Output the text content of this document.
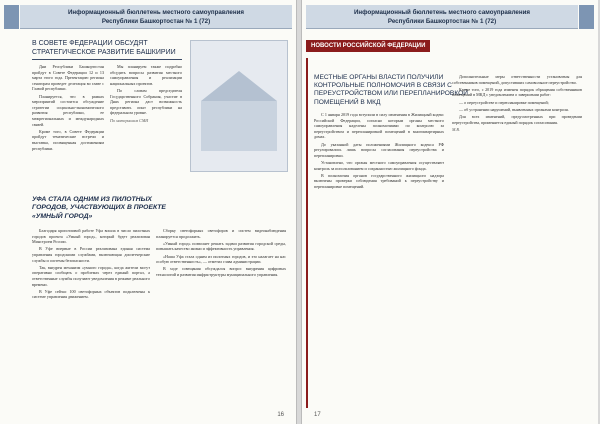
Информационный бюллетень местного самоуправления
Республики Башкортостан № 1 (72)
В СОВЕТЕ ФЕДЕРАЦИИ ОБСУДЯТ
СТРАТЕГИЧЕСКОЕ РАЗВИТИЕ БАШКИРИИ

Дни Республики Башкортостан пройдут в Совете Федерации 12 и 13 марта этого года. Презентацию региона сенаторам проведет делегация во главе с Главой республики.

Планируется, что в рамках мероприятий состоится обсуждение стратегии социально-экономического развития республики, ее межрегиональных и международных связей.

Кроме того, в Совете Федерации пройдут тематические встречи и выставка, посвященная достижениям республики.

Мы планируем также подробно обсудить вопросы развития местного самоуправления и реализации национальных проектов.

По словам председателя Государственного Собрания, участие в Днях региона даст возможность представить опыт республики на федеральном уровне.

По материалам СМИ

УФА СТАЛА ОДНИМ ИЗ ПИЛОТНЫХ
ГОРОДОВ, УЧАСТВУЮЩИХ В ПРОЕКТЕ
«УМНЫЙ ГОРОД»

Благодаря кропотливой работе Уфа вошла в число пилотных городов проекта «Умный город», который будет реализован Минстроем России.

В Уфе впервые в России реализована единая система управления городскими службами, включающая диспетчерские службы и системы безопасности.

Так, внедрен механизм «умного города», когда жители могут оперативно сообщать о проблемах через единый портал, а ответственные службы получают уведомления в режиме реального времени.

В Уфе сейчас 100 светофорных объектов подключены к системе управления движением.

Сборку светофорных светофоров и систем видеонаблюдения планируется продолжить.

«Умный город» позволяет решать задачи развития городской среды, повышать качество жизни и эффективность управления.

«Наша Уфа стала одним из пилотных городов, и это налагает на нас особую ответственность», — отметил глава администрации.

В ходе совещания обсуждался вопрос внедрения цифровых технологий и развития инфраструктуры муниципального управления.

16
Информационный бюллетень местного самоуправления
Республики Башкортостан № 1 (72)
НОВОСТИ РОССИЙСКОЙ ФЕДЕРАЦИИ
МЕСТНЫЕ ОРГАНЫ ВЛАСТИ ПОЛУЧИЛИ
КОНТРОЛЬНЫЕ ПОЛНОМОЧИЯ В СВЯЗИ С
ПЕРЕУСТРОЙСТВОМ ИЛИ ПЕРЕПЛАНИРОВКОЙ
ПОМЕЩЕНИЙ В МКД

С 1 января 2019 года вступили в силу изменения в Жилищный кодекс Российской Федерации, согласно которым органы местного самоуправления наделены полномочиями по контролю за переустройством и перепланировкой помещений в многоквартирных домах.

До указанной даты положениями Жилищного кодекса РФ регулировались лишь вопросы согласования переустройства и перепланировки.

Установлено, что органы местного самоуправления осуществляют контроль за использованием и сохранностью жилищного фонда.

В полномочия органов государственного жилищного надзора включены проверки соблюдения требований к переустройству и перепланировке помещений.

Дополнительные меры ответственности установлены для собственников помещений, допустивших самовольное переустройство.

Кроме того, с 2019 года изменен порядок обращения собственников помещений в МКД с уведомлением о завершении работ:

— о переустройстве и перепланировке помещений;

— об устранении нарушений, выявленных органами контроля.

Для всех изменений, предусмотренных при проведении переустройства, применяется единый порядок согласования.

М.В.

17
